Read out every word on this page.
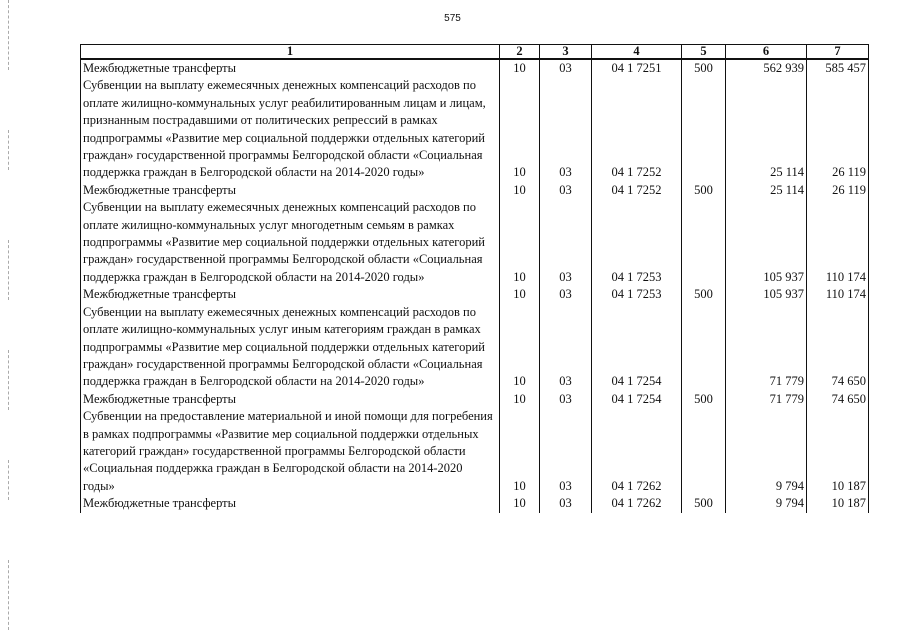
575
1	2	3	4	5	6	7
Межбюджетные трансферты	10	03	04 1 7251	500	562 939	585 457
Субвенции на выплату ежемесячных денежных компенсаций расходов по оплате жилищно-коммунальных услуг реабилитированным лицам и лицам, признанным пострадавшими от политических репрессий в рамках подпрограммы «Развитие мер социальной поддержки отдельных категорий граждан» государственной программы Белгородской области «Социальная поддержка граждан в Белгородской области на 2014-2020 годы»	10	03	04 1 7252		25 114	26 119
Межбюджетные трансферты	10	03	04 1 7252	500	25 114	26 119
Субвенции на выплату ежемесячных денежных компенсаций расходов по оплате жилищно-коммунальных услуг многодетным семьям в рамках подпрограммы «Развитие мер социальной поддержки отдельных категорий граждан» государственной программы Белгородской области «Социальная поддержка граждан в Белгородской области на 2014-2020 годы»	10	03	04 1 7253		105 937	110 174
Межбюджетные трансферты	10	03	04 1 7253	500	105 937	110 174
Субвенции на выплату ежемесячных денежных компенсаций расходов по оплате жилищно-коммунальных услуг иным категориям граждан в рамках подпрограммы «Развитие мер социальной поддержки отдельных категорий граждан» государственной программы Белгородской области «Социальная поддержка граждан в Белгородской области на 2014-2020 годы»	10	03	04 1 7254		71 779	74 650
Межбюджетные трансферты	10	03	04 1 7254	500	71 779	74 650
Субвенции на предоставление материальной и иной помощи для погребения в рамках подпрограммы «Развитие мер социальной поддержки отдельных категорий граждан» государственной программы Белгородской области «Социальная поддержка граждан в Белгородской области на 2014-2020 годы»	10	03	04 1 7262		9 794	10 187
Межбюджетные трансферты	10	03	04 1 7262	500	9 794	10 187
